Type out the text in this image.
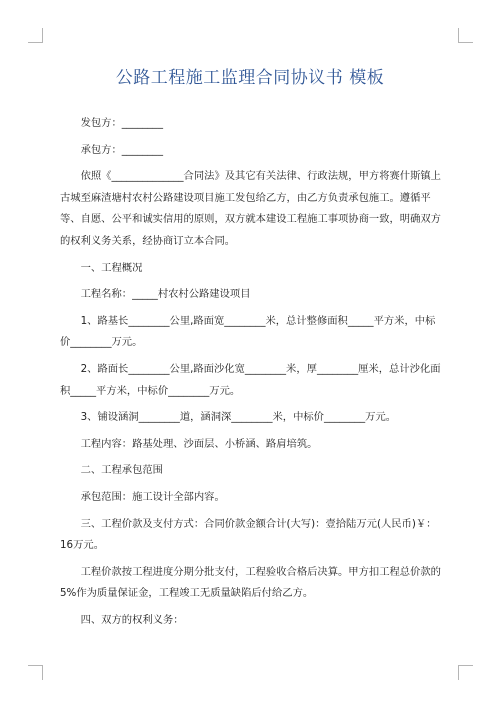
公路工程施工监理合同协议书 模板

发包方：________

承包方：________

依照《______________合同法》及其它有关法律、行政法规，甲方将赛什斯镇上古城至麻渣塘村农村公路建设项目施工发包给乙方，由乙方负责承包施工。遵循平等、自愿、公平和诚实信用的原则，双方就本建设工程施工事项协商一致，明确双方的权利义务关系，经协商订立本合同。

一、工程概况

工程名称：_____村农村公路建设项目

1、路基长________公里,路面宽________米，总计整修面积_____平方米，中标价________万元。

2、路面长________公里,路面沙化宽________米，厚________厘米，总计沙化面积_____平方米，中标价________万元。

3、铺设涵洞________道，涵洞深________米，中标价________万元。

工程内容：路基处理、沙面层、小桥涵、路肩培筑。

二、工程承包范围

承包范围：施工设计全部内容。

三、工程价款及支付方式：合同价款金额合计(大写)：壹拾陆万元(人民币)￥：16万元。

工程价款按工程进度分期分批支付，工程验收合格后决算。甲方扣工程总价款的5%作为质量保证金，工程竣工无质量缺陷后付给乙方。

四、双方的权利义务：
